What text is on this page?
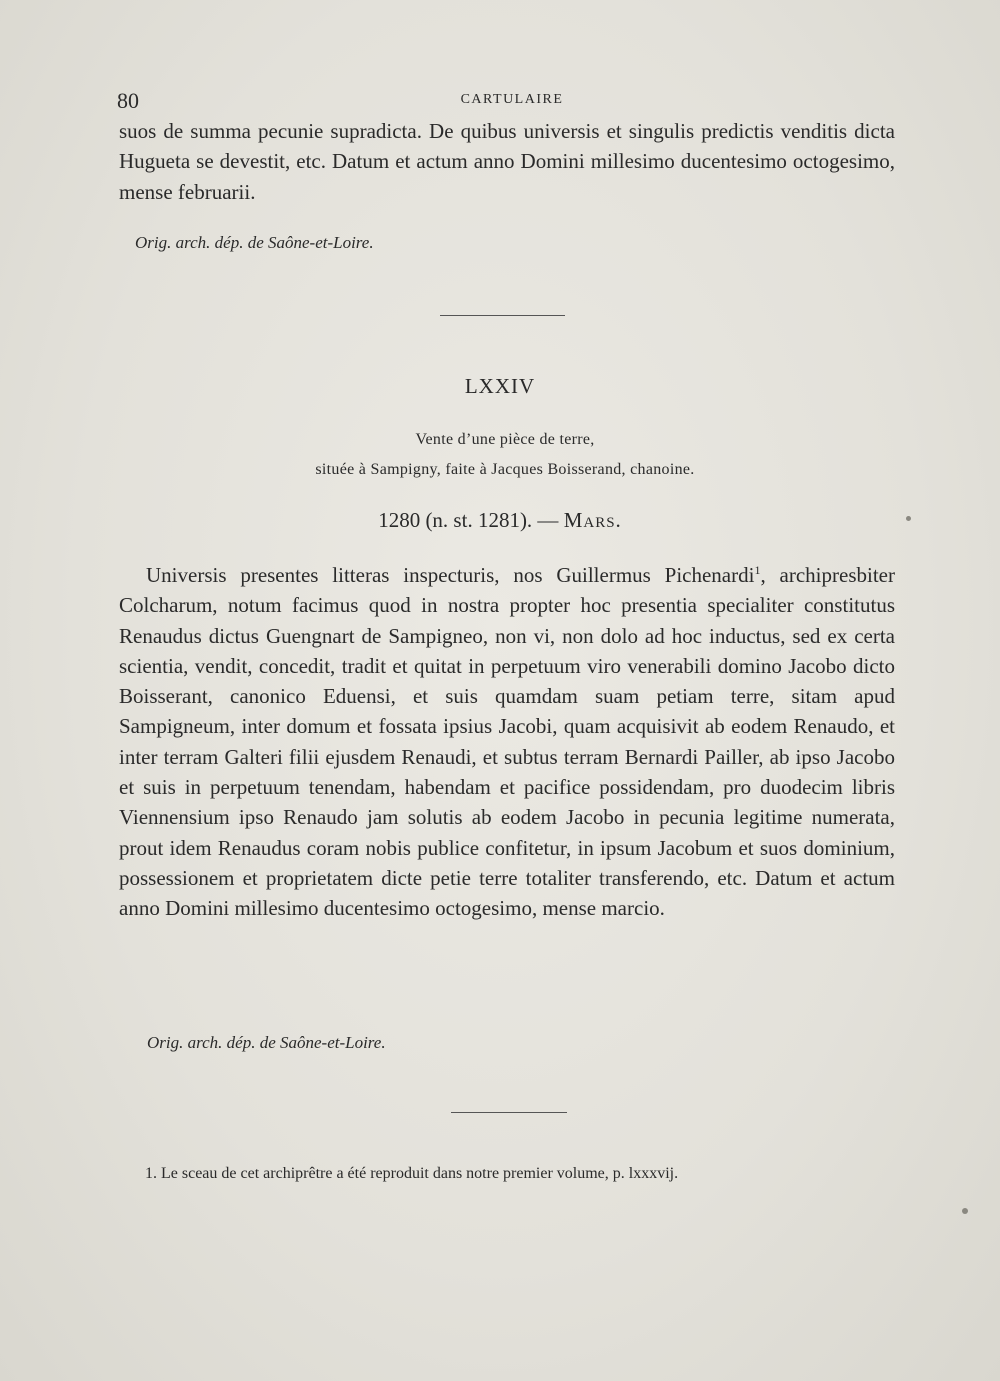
80	CARTULAIRE

suos de summa pecunie supradicta. De quibus universis et singulis predictis venditis dicta Hugueta se devestit, etc. Datum et actum anno Domini millesimo ducentesimo octogesimo, mense februarii.

Orig. arch. dép. de Saône-et-Loire.

LXXIV

Vente d’une pièce de terre,
située à Sampigny, faite à Jacques Boisserand, chanoine.

1280 (n. st. 1281). — Mars.

Universis presentes litteras inspecturis, nos Guillermus Pichenardi$^1$, archipresbiter Colcharum, notum facimus quod in nostra propter hoc presentia specialiter constitutus Renaudus dictus Guengnart de Sampigneo, non vi, non dolo ad hoc inductus, sed ex certa scientia, vendit, concedit, tradit et quitat in perpetuum viro venerabili domino Jacobo dicto Boisserant, canonico Eduensi, et suis quamdam suam petiam terre, sitam apud Sampigneum, inter domum et fossata ipsius Jacobi, quam acquisivit ab eodem Renaudo, et inter terram Galteri filii ejusdem Renaudi, et subtus terram Bernardi Pailler, ab ipso Jacobo et suis in perpetuum tenendam, habendam et pacifice possidendam, pro duodecim libris Viennensium ipso Renaudo jam solutis ab eodem Jacobo in pecunia legitime numerata, prout idem Renaudus coram nobis publice confitetur, in ipsum Jacobum et suos dominium, possessionem et proprietatem dicte petie terre totaliter transferendo, etc. Datum et actum anno Domini millesimo ducentesimo octogesimo, mense marcio.

Orig. arch. dép. de Saône-et-Loire.

1. Le sceau de cet archiprêtre a été reproduit dans notre premier volume, p. lxxxvij.
